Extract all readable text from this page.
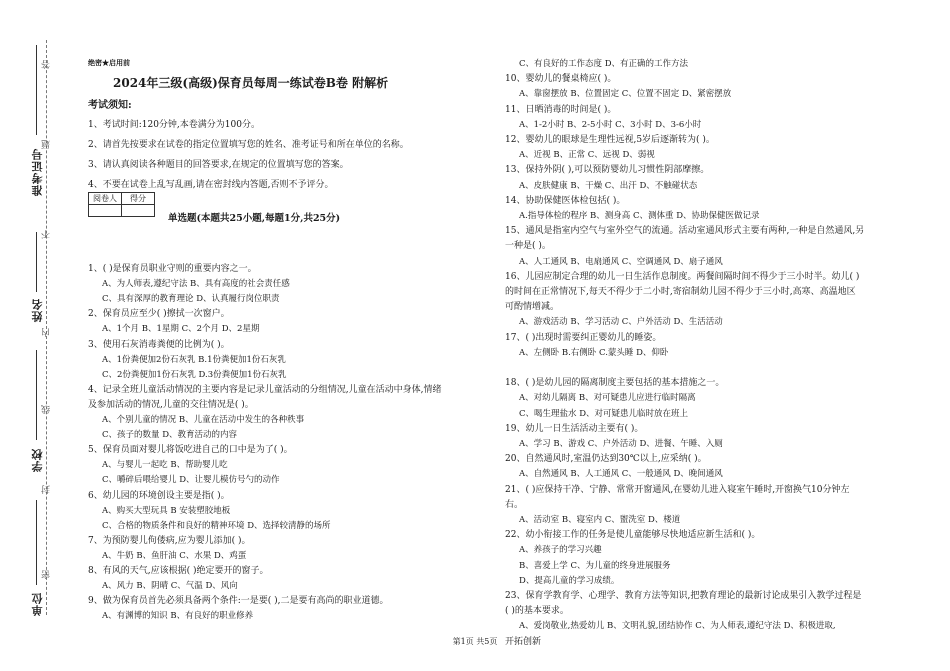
准考证号
姓名
学校
单位
答
题
不
内
线
封
密
绝密★启用前
2024年三级(高级)保育员每周一练试卷B卷 附解析
考试须知:
1、考试时间:120分钟,本卷满分为100分。
2、请首先按要求在试卷的指定位置填写您的姓名、准考证号和所在单位的名称。
3、请认真阅读各种题目的回答要求,在规定的位置填写您的答案。
4、不要在试卷上乱写乱画,请在密封线内答题,否则不予评分。
单选题(本题共25小题,每题1分,共25分)
1、( )是保育员职业守则的重要内容之一。
A、为人师表,遵纪守法 B、具有高度的社会责任感
C、具有深厚的教育理论 D、认真履行岗位职责
2、保育员应至少( )擦拭一次窗户。
A、1个月 B、1星期 C、2个月 D、2星期
3、使用石灰消毒粪便的比例为( )。
A、1份粪便加2份石灰乳 B.1份粪便加1份石灰乳
C、2份粪便加1份石灰乳 D.3份粪便加1份石灰乳
4、记录全班儿童活动情况的主要内容是记录儿童活动的分组情况,儿童在活动中身体,情绪
及参加活动的情况,儿童的交往情况是( )。
A、个别儿童的情况 B、儿童在活动中发生的各种秩事
C、孩子的数量 D、教育活动的内容
5、保育员面对婴儿将饭吃进自己的口中是为了( )。
A、与婴儿一起吃 B、帮助婴儿吃
C、嚼碎后喂给婴儿 D、让婴儿模仿号勺的动作
6、幼儿园的环境创设主要是指( )。
A、购买大型玩具 B 安装塑胶地板
C、合格的物质条件和良好的精神环境 D、选择较清静的场所
7、为预防婴儿佝偻病,应为婴儿添加( )。
A、牛奶 B、鱼肝油 C、水果 D、鸡蛋
8、有风的天气,应该根据( )绝定要开的窗子。
A、风力 B、阴晴 C、气温 D、风向
9、做为保育员首先必须具备两个条件:一是要( ),二是要有高尚的职业道德。
A、有渊博的知识 B、有良好的职业修养
阅卷人	得分

C、有良好的工作态度 D、有正确的工作方法
10、婴幼儿的餐桌椅应( )。
A、靠窗摆放 B、位置固定 C、位置不固定 D、紧密摆放
11、日晒消毒的时间是( )。
A、1-2小时 B、2-5小时 C、3小时 D、3-6小时
12、婴幼儿的眼球是生理性远视,5岁后逐渐转为( )。
A、近视 B、正常 C、远视 D、弱视
13、保持外阴( ),可以预防婴幼儿习惯性阴部摩擦。
A、皮肤健康 B、干燥 C、出汗 D、不触碰状态
14、协助保健医体检包括( )。
A.指导体检的程序 B、测身高 C、测体重 D、协助保健医做记录
15、通风是指室内空气与室外空气的流通。活动室通风形式主要有两种,一种是自然通风,另
一种是( )。
A、人工通风 B、电扇通风 C、空调通风 D、扇子通风
16、儿园应制定合理的幼儿一日生活作息制度。两餐间隔时间不得少于三小时半。幼儿( )
的时间在正常情况下,每天不得少于二小时,寄宿制幼儿园不得少于三小时,高寒、高温地区
可酌情增减。
A、游戏活动 B、学习活动 C、户外活动 D、生活活动
17、( )出现时需要纠正婴幼儿的睡姿。
A、左侧卧 B.右侧卧 C.蒙头睡 D、仰卧
18、( )是幼儿园的隔离制度主要包括的基本措施之一。
A、对幼儿隔离 B、对可疑患儿应进行临时隔离
C、喝生理盐水 D、对可疑患儿临时放在班上
19、幼儿一日生活活动主要有( )。
A、学习 B、游戏 C、户外活动 D、进餐、午睡、入厕
20、自然通风时,室温仍达到30℃以上,应采纳( )。
A、自然通风 B、人工通风 C、一般通风 D、晚间通风
21、( )应保持干净、宁静、常常开窗通风,在婴幼儿进入寝室午睡时,开窗换气10分钟左
右。
A、活动室 B、寝室内 C、盥洗室 D、楼道
22、幼小衔接工作的任务是使儿童能够尽快地适应新生活和( )。
A、养孩子的学习兴趣
B、喜爱上学 C、为儿童的终身进展服务
D、提高儿童的学习成绩。
23、保育学教育学、心理学、教育方法等知识,把教育理论的最新讨论成果引入教学过程是
( )的基本要求。
A、爱岗敬业,热爱幼儿 B、文明礼貌,团结协作 C、为人师表,遵纪守法 D、积极进取,
开拓创新
第1页 共5页
